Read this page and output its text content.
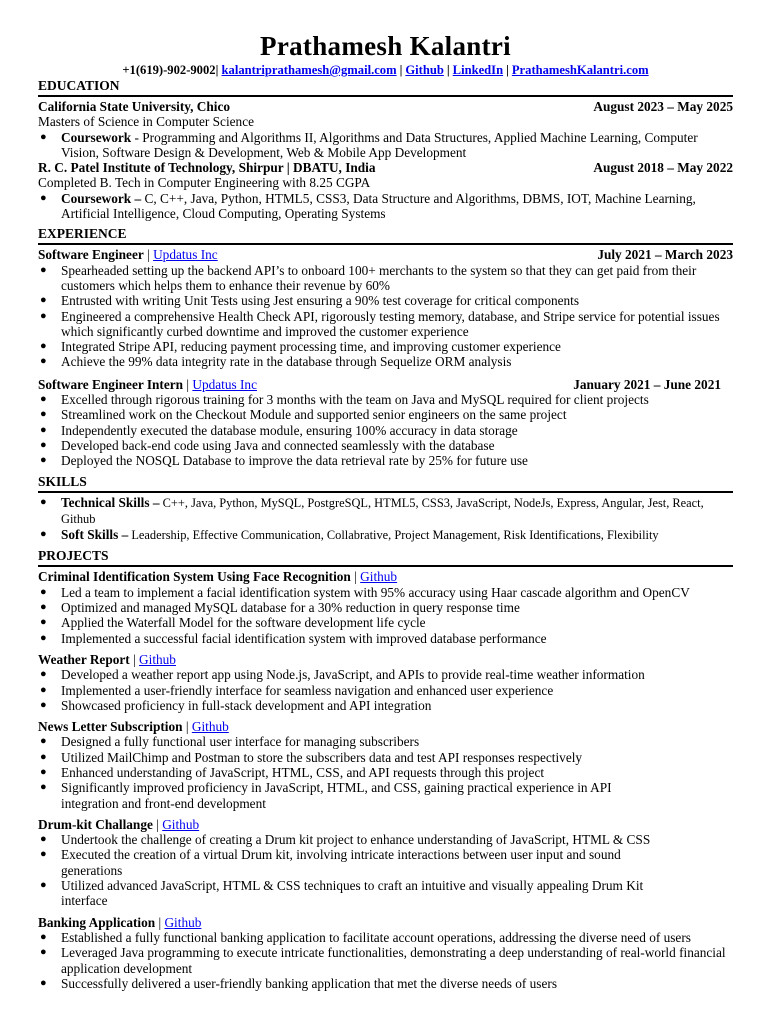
Prathamesh Kalantri
+1(619)-902-9002| kalantriprathamesh@gmail.com | Github | LinkedIn | PrathameshKalantri.com
EDUCATION
California State University, Chico	August 2023 – May 2025
Masters of Science in Computer Science
● Coursework - Programming and Algorithms II, Algorithms and Data Structures, Applied Machine Learning, Computer Vision, Software Design & Development, Web & Mobile App Development
R. C. Patel Institute of Technology, Shirpur | DBATU, India	August 2018 – May 2022
Completed B. Tech in Computer Engineering with 8.25 CGPA
● Coursework – C, C++, Java, Python, HTML5, CSS3, Data Structure and Algorithms, DBMS, IOT, Machine Learning, Artificial Intelligence, Cloud Computing, Operating Systems
EXPERIENCE
Software Engineer | Updatus Inc	July 2021 – March 2023
● Spearheaded setting up the backend API’s to onboard 100+ merchants to the system so that they can get paid from their customers which helps them to enhance their revenue by 60%
● Entrusted with writing Unit Tests using Jest ensuring a 90% test coverage for critical components
● Engineered a comprehensive Health Check API, rigorously testing memory, database, and Stripe service for potential issues which significantly curbed downtime and improved the customer experience
● Integrated Stripe API, reducing payment processing time, and improving customer experience
● Achieve the 99% data integrity rate in the database through Sequelize ORM analysis
Software Engineer Intern | Updatus Inc	January 2021 – June 2021
● Excelled through rigorous training for 3 months with the team on Java and MySQL required for client projects
● Streamlined work on the Checkout Module and supported senior engineers on the same project
● Independently executed the database module, ensuring 100% accuracy in data storage
● Developed back-end code using Java and connected seamlessly with the database
● Deployed the NOSQL Database to improve the data retrieval rate by 25% for future use
SKILLS
● Technical Skills – C++, Java, Python, MySQL, PostgreSQL, HTML5, CSS3, JavaScript, NodeJs, Express, Angular, Jest, React, Github
● Soft Skills – Leadership, Effective Communication, Collabrative, Project Management, Risk Identifications, Flexibility
PROJECTS
Criminal Identification System Using Face Recognition | Github
● Led a team to implement a facial identification system with 95% accuracy using Haar cascade algorithm and OpenCV
● Optimized and managed MySQL database for a 30% reduction in query response time
● Applied the Waterfall Model for the software development life cycle
● Implemented a successful facial identification system with improved database performance
Weather Report | Github
● Developed a weather report app using Node.js, JavaScript, and APIs to provide real-time weather information
● Implemented a user-friendly interface for seamless navigation and enhanced user experience
● Showcased proficiency in full-stack development and API integration
News Letter Subscription | Github
● Designed a fully functional user interface for managing subscribers
● Utilized MailChimp and Postman to store the subscribers data and test API responses respectively
● Enhanced understanding of JavaScript, HTML, CSS, and API requests through this project
● Significantly improved proficiency in JavaScript, HTML, and CSS, gaining practical experience in API integration and front-end development
Drum-kit Challange | Github
● Undertook the challenge of creating a Drum kit project to enhance understanding of JavaScript, HTML & CSS
● Executed the creation of a virtual Drum kit, involving intricate interactions between user input and sound generations
● Utilized advanced JavaScript, HTML & CSS techniques to craft an intuitive and visually appealing Drum Kit interface
Banking Application | Github
● Established a fully functional banking application to facilitate account operations, addressing the diverse need of users
● Leveraged Java programming to execute intricate functionalities, demonstrating a deep understanding of real-world financial application development
● Successfully delivered a user-friendly banking application that met the diverse needs of users
